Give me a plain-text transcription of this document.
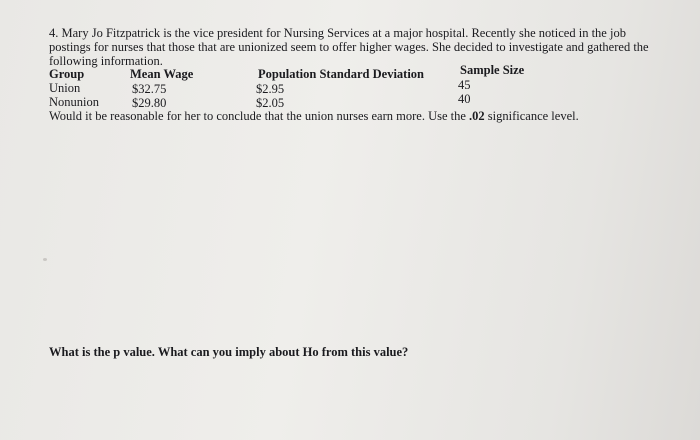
4. Mary Jo Fitzpatrick is the vice president for Nursing Services at a major hospital. Recently she noticed in the job
postings for nurses that those that are unionized seem to offer higher wages. She decided to investigate and gathered the
following information.
Group	Mean Wage	Population Standard Deviation	Sample Size
Union	$32.75	$2.95	45
Nonunion	$29.80	$2.05	40
Would it be reasonable for her to conclude that the union nurses earn more. Use the .02 significance level.
What is the p value. What can you imply about Ho from this value?
